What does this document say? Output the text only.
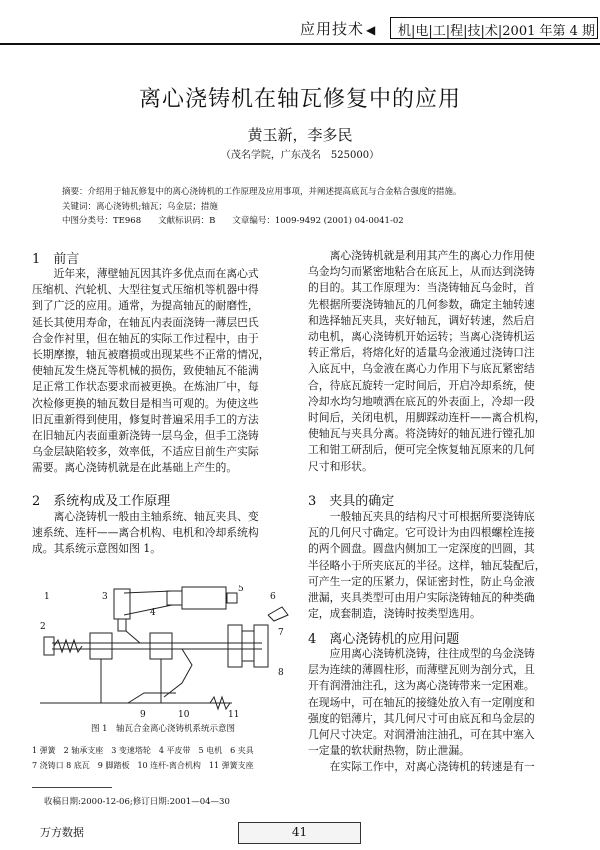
应用技术 ◀ 机|电|工|程|技|术|2001 年第 4 期
离心浇铸机在轴瓦修复中的应用
黄玉新，李多民
（茂名学院，广东茂名　525000）
摘要：介绍用于轴瓦修复中的离心浇铸机的工作原理及应用事项，并阐述提高底瓦与合金粘合强度的措施。
关键词：离心浇铸机;轴瓦；乌金层；措施
中图分类号：TE968　　文献标识码：B　　文章编号：1009-9492 (2001) 04-0041-02
1　前言
　　近年来，薄壁轴瓦因其许多优点而在离心式
压缩机、汽轮机、大型往复式压缩机等机器中得
到了广泛的应用。通常，为提高轴瓦的耐磨性，
延长其使用寿命，在轴瓦内表面浇铸一薄层巴氏
合金作衬里，但在轴瓦的实际工作过程中，由于
长期摩擦，轴瓦被磨损或出现某些不正常的情况，
使轴瓦发生烧瓦等机械的损伤，致使轴瓦不能满
足正常工作状态要求而被更换。在炼油厂中，每
次检修更换的轴瓦数目是相当可观的。为使这些
旧瓦重新得到使用，修复时普遍采用手工的方法
在旧轴瓦内表面重新浇铸一层乌金，但手工浇铸
乌金层缺陷较多，效率低，不适应目前生产实际
需要。离心浇铸机就是在此基础上产生的。
2　系统构成及工作原理
　　离心浇铸机一般由主轴系统、轴瓦夹具、变
速系统、连杆——离合机构、电机和冷却系统构
成。其系统示意图如图 1。
1
2
3
4
5
6
7
8
9	10	11
图 1　轴瓦合金离心浇铸机系统示意图
1 弹簧　2 轴承支座　3 变速塔轮　4 平皮带　5 电机　6 夹具
7 浇铸口 8 底瓦　9 脚踏板　10 连杆-离合机构　11 弹簧支座
　　离心浇铸机就是利用其产生的离心力作用使
乌金均匀而紧密地粘合在底瓦上，从而达到浇铸
的目的。其工作原理为：当浇铸轴瓦乌金时，首
先根据所要浇铸轴瓦的几何参数，确定主轴转速
和选择轴瓦夹具，夹好轴瓦，调好转速，然后启
动电机，离心浇铸机开始运转；当离心浇铸机运
转正常后，将熔化好的适量乌金液通过浇铸口注
入底瓦中，乌金液在离心力作用下与底瓦紧密结
合，待底瓦旋转一定时间后，开启冷却系统，使
冷却水均匀地喷洒在底瓦的外表面上，冷却一段
时间后，关闭电机，用脚踩动连杆——离合机构，
使轴瓦与夹具分离。将浇铸好的轴瓦进行镗孔加
工和钳工研刮后，便可完全恢复轴瓦原来的几何
尺寸和形状。
3　夹具的确定
　　一般轴瓦夹具的结构尺寸可根据所要浇铸底
瓦的几何尺寸确定。它可设计为由四根螺栓连接
的两个圆盘。圆盘内侧加工一定深度的凹圆，其
半径略小于所夹底瓦的半径。这样，轴瓦装配后，
可产生一定的压紧力，保证密封性，防止乌金液
泄漏，夹具类型可由用户实际浇铸轴瓦的种类确
定，成套制造，浇铸时按类型选用。
4　离心浇铸机的应用问题
　　应用离心浇铸机浇铸，往往成型的乌金浇铸
层为连续的薄圆柱形，而薄壁瓦则为剖分式，且
开有润滑油注孔，这为离心浇铸带来一定困难。
在现场中，可在轴瓦的接缝处放入有一定刚度和
强度的铝薄片，其几何尺寸可由底瓦和乌金层的
几何尺寸决定。对润滑油注油孔，可在其中塞入
一定量的软状耐热物，防止泄漏。
　　在实际工作中，对离心浇铸机的转速是有一
收稿日期:2000-12-06;修订日期:2001—04—30
万方数据	41
